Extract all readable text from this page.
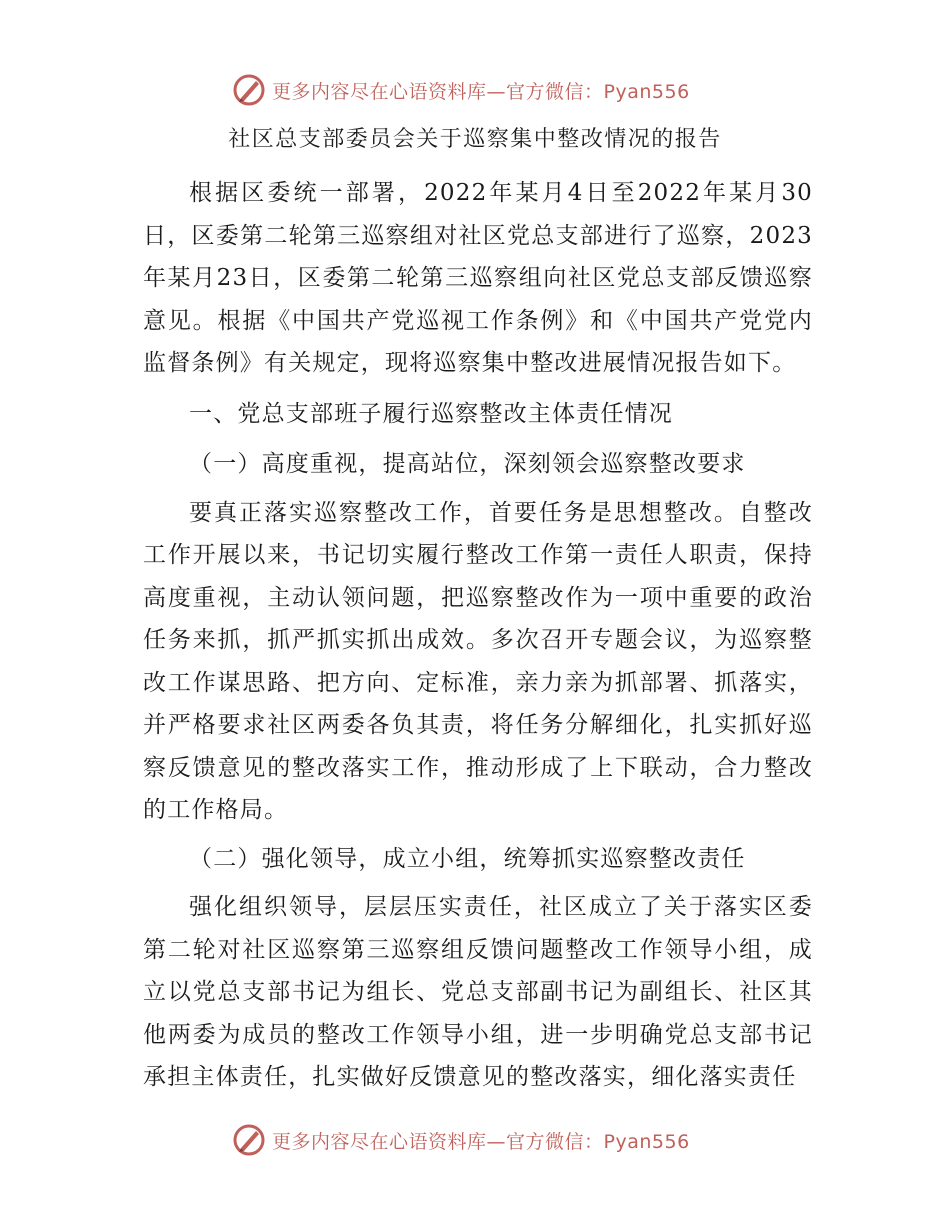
更多内容尽在心语资料库—官方微信：Pyan556
社区总支部委员会关于巡察集中整改情况的报告

根据区委统一部署，2022年某月4日至2022年某月30日，区委第二轮第三巡察组对社区党总支部进行了巡察，2023年某月23日，区委第二轮第三巡察组向社区党总支部反馈巡察意见。根据《中国共产党巡视工作条例》和《中国共产党党内监督条例》有关规定，现将巡察集中整改进展情况报告如下。

一、党总支部班子履行巡察整改主体责任情况

（一）高度重视，提高站位，深刻领会巡察整改要求

要真正落实巡察整改工作，首要任务是思想整改。自整改工作开展以来，书记切实履行整改工作第一责任人职责，保持高度重视，主动认领问题，把巡察整改作为一项中重要的政治任务来抓，抓严抓实抓出成效。多次召开专题会议，为巡察整改工作谋思路、把方向、定标准，亲力亲为抓部署、抓落实，并严格要求社区两委各负其责，将任务分解细化，扎实抓好巡察反馈意见的整改落实工作，推动形成了上下联动，合力整改的工作格局。

（二）强化领导，成立小组，统筹抓实巡察整改责任

强化组织领导，层层压实责任，社区成立了关于落实区委第二轮对社区巡察第三巡察组反馈问题整改工作领导小组，成立以党总支部书记为组长、党总支部副书记为副组长、社区其他两委为成员的整改工作领导小组，进一步明确党总支部书记承担主体责任，扎实做好反馈意见的整改落实，细化落实责任

更多内容尽在心语资料库—官方微信：Pyan556
